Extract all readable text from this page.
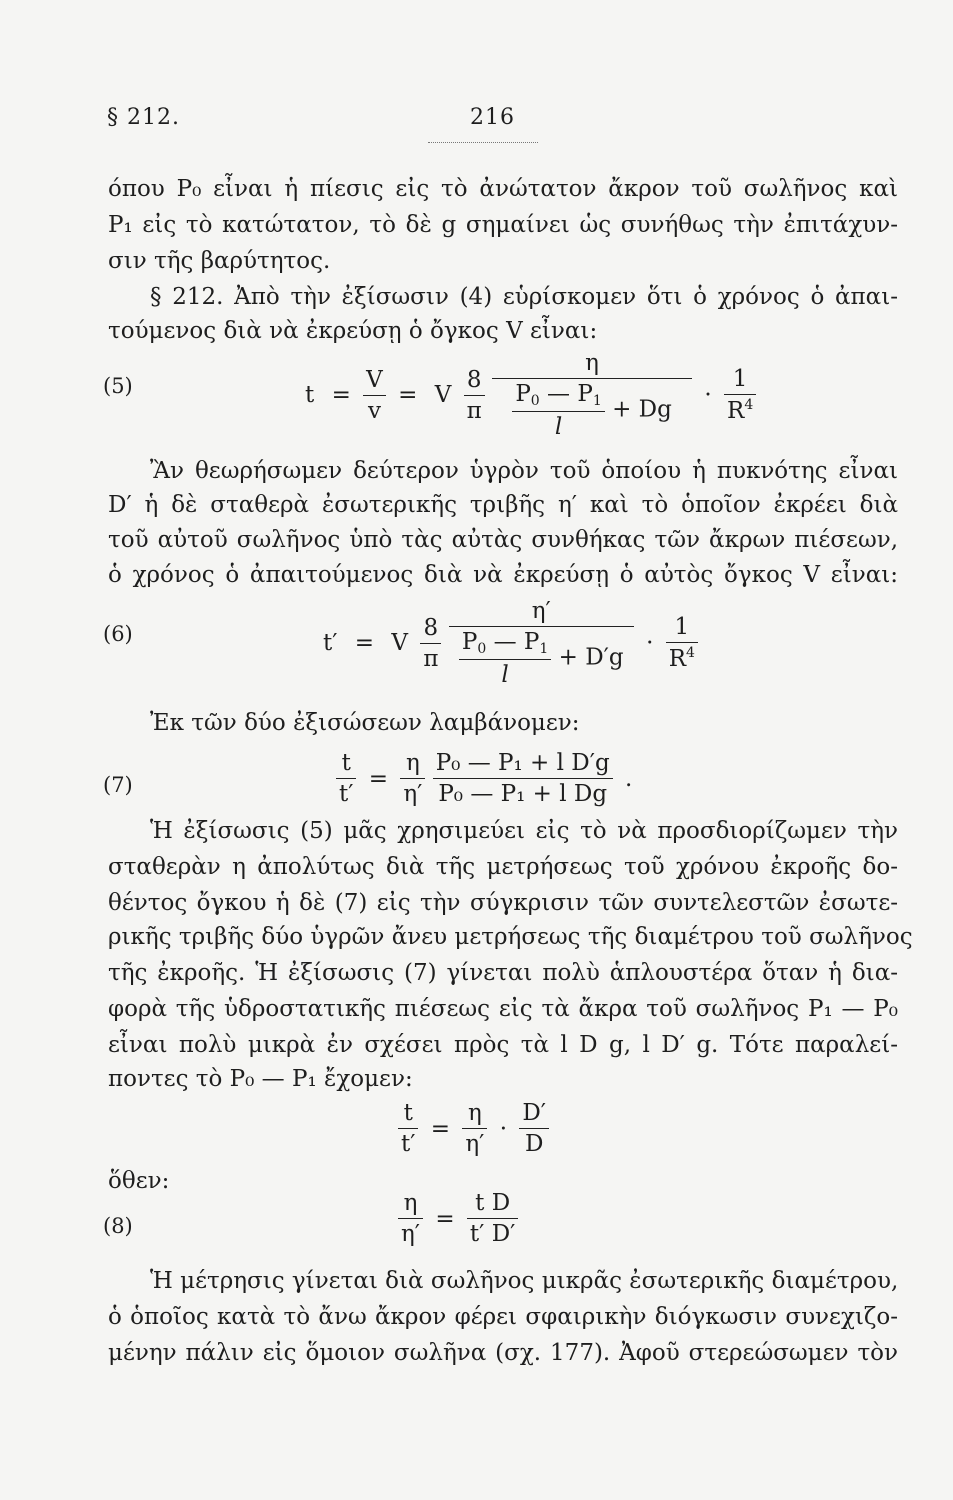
§ 212.	216
όπου P₀ εἶναι ἡ πίεσις εἰς τὸ ἀνώτατον ἄκρον τοῦ σωλῆνος καὶ
P₁ εἰς τὸ κατώτατον, τὸ δὲ g σημαίνει ὡς συνήθως τὴν ἐπιτάχυν-
σιν τῆς βαρύτητος.
§ 212. Ἀπὸ τὴν ἐξίσωσιν (4) εὑρίσκομεν ὅτι ὁ χρόνος ὁ ἀπαι-
τούμενος διὰ νὰ ἐκρεύσῃ ὁ ὄγκος V εἶναι:
(5)	$t = \frac{V}{v} = V \frac{8}{\pi}$
$\frac{\eta}{\frac{P_0 — P_1}{l} + Dg} \cdot \frac{1}{R^4}$
Ἂν θεωρήσωμεν δεύτερον ὑγρὸν τοῦ ὁποίου ἡ πυκνότης εἶναι
D′ ἡ δὲ σταθερὰ ἐσωτερικῆς τριβῆς η′ καὶ τὸ ὁποῖον ἐκρέει διὰ
τοῦ αὐτοῦ σωλῆνος ὑπὸ τὰς αὐτὰς συνθήκας τῶν ἄκρων πιέσεων,
ὁ χρόνος ὁ ἀπαιτούμενος διὰ νὰ ἐκρεύσῃ ὁ αὐτὸς ὄγκος V εἶναι:
(6)	t′ = V $\frac{8}{\pi}$
$\frac{\eta'}{\frac{P_0 — P_1}{l} + D'g} \cdot \frac{1}{R^4}$
Ἐκ τῶν δύο ἐξισώσεων λαμβάνομεν:
(7)	$\frac{t}{t'} = \frac{\eta}{\eta'}$
$\frac{\text{P₀ — P₁ + l D′g}}{\text{P₀ — P₁ + l Dg}}$ .
Ἡ ἐξίσωσις (5) μᾶς χρησιμεύει εἰς τὸ νὰ προσδιορίζωμεν τὴν
σταθερὰν η ἀπολύτως διὰ τῆς μετρήσεως τοῦ χρόνου ἐκροῆς δο-
θέντος ὄγκου ἡ δὲ (7) εἰς τὴν σύγκρισιν τῶν συντελεστῶν ἐσωτε-
ρικῆς τριβῆς δύο ὑγρῶν ἄνευ μετρήσεως τῆς διαμέτρου τοῦ σωλῆνος
τῆς ἐκροῆς. Ἡ ἐξίσωσις (7) γίνεται πολὺ ἁπλουστέρα ὅταν ἡ δια-
φορὰ τῆς ὑδροστατικῆς πιέσεως εἰς τὰ ἄκρα τοῦ σωλῆνος P₁ — P₀
εἶναι πολὺ μικρὰ ἐν σχέσει πρὸς τὰ l D g, l D′ g. Τότε παραλεί-
ποντες τὸ P₀ — P₁ ἔχομεν:
$\frac{t}{t'} = \frac{\eta}{\eta'} \cdot \frac{D'}{D}$
ὅθεν:
(8)	$\frac{\eta}{\eta'} = \frac{\text{t D}}{t' D'}$
Ἡ μέτρησις γίνεται διὰ σωλῆνος μικρᾶς ἐσωτερικῆς διαμέτρου,
ὁ ὁποῖος κατὰ τὸ ἄνω ἄκρον φέρει σφαιρικὴν διόγκωσιν συνεχιζο-
μένην πάλιν εἰς ὅμοιον σωλῆνα (σχ. 177). Ἀφοῦ στερεώσωμεν τὸν
